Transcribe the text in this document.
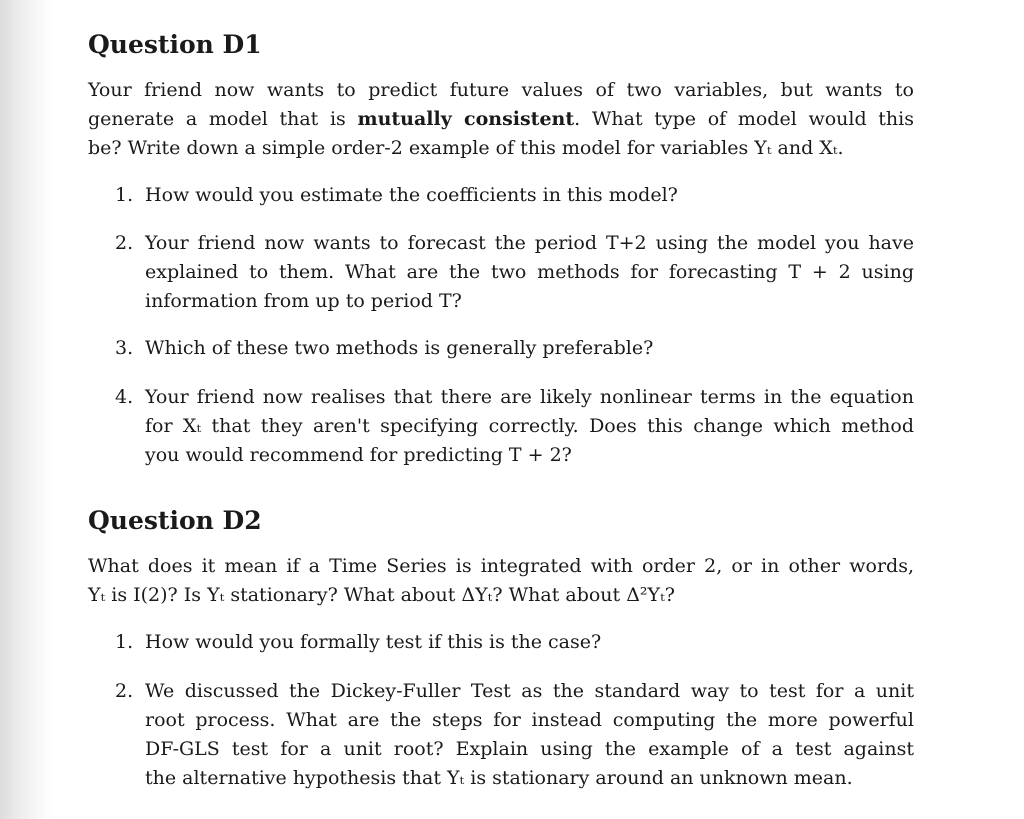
Question D1
Your friend now wants to predict future values of two variables, but wants to
generate a model that is mutually consistent. What type of model would this
be? Write down a simple order-2 example of this model for variables Yₜ and Xₜ.
1. How would you estimate the coefficients in this model?
2. Your friend now wants to forecast the period T+2 using the model you have
explained to them. What are the two methods for forecasting T + 2 using
information from up to period T?
3. Which of these two methods is generally preferable?
4. Your friend now realises that there are likely nonlinear terms in the equation
for Xₜ that they aren't specifying correctly. Does this change which method
you would recommend for predicting T + 2?
Question D2
What does it mean if a Time Series is integrated with order 2, or in other words,
Yₜ is I(2)? Is Yₜ stationary? What about ΔYₜ? What about Δ²Yₜ?
1. How would you formally test if this is the case?
2. We discussed the Dickey-Fuller Test as the standard way to test for a unit
root process. What are the steps for instead computing the more powerful
DF-GLS test for a unit root? Explain using the example of a test against
the alternative hypothesis that Yₜ is stationary around an unknown mean.
